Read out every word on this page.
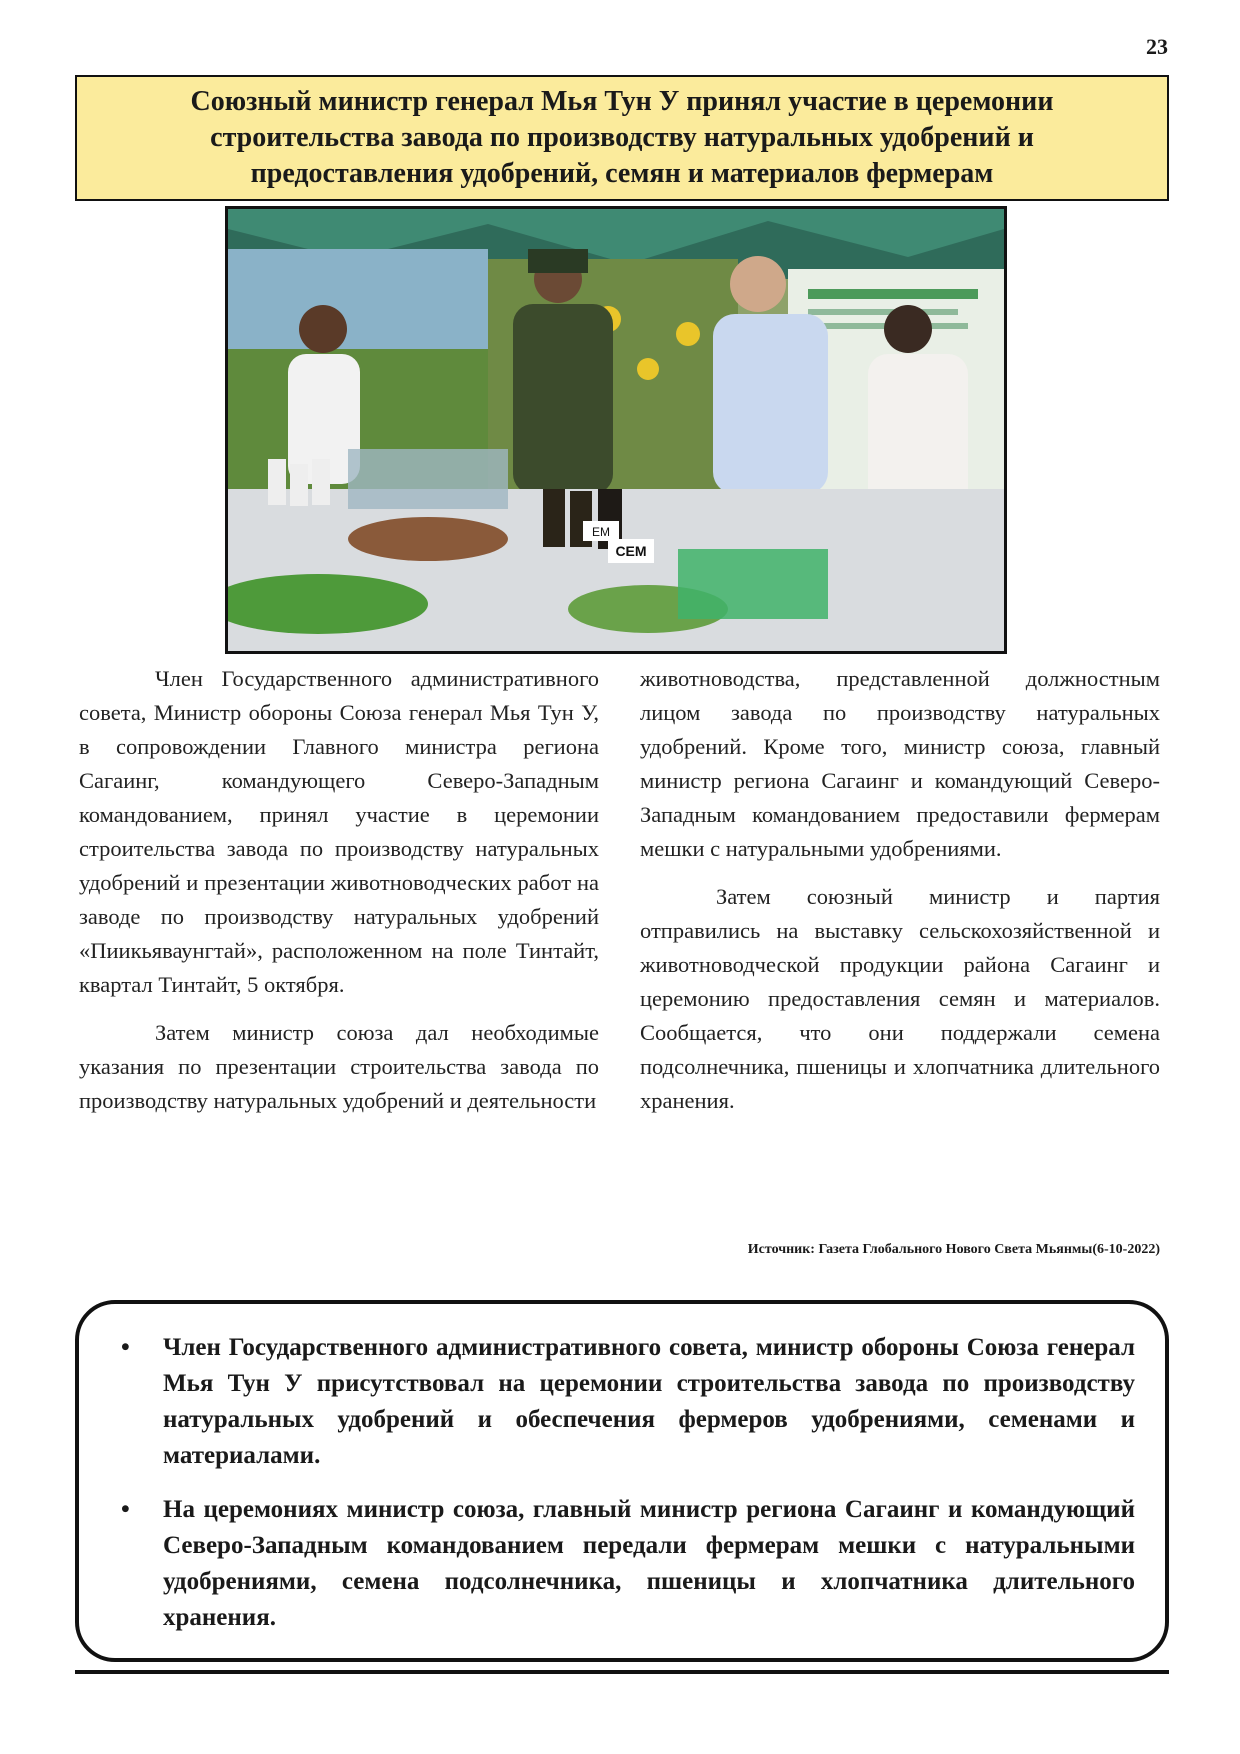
23
Союзный министр генерал Мья Тун У принял участие в церемонии строительства завода по производству натуральных удобрений и предоставления удобрений, семян и материалов фермерам
EM
CEM

Член Государственного административного совета, Министр обороны Союза генерал Мья Тун У, в сопровождении Главного министра региона Сагаинг, командующего Северо-Западным командованием, принял участие в церемонии строительства завода по производству натуральных удобрений и презентации животноводческих работ на заводе по производству натуральных удобрений «Пиикьяваунгтай», расположенном на поле Тинтайт, квартал Тинтайт, 5 октября.

Затем министр союза дал необходимые указания по презентации строительства завода по производству натуральных удобрений и деятельности

животноводства, представленной должностным лицом завода по производству натуральных удобрений. Кроме того, министр союза, главный министр региона Сагаинг и командующий Северо-Западным командованием предоставили фермерам мешки с натуральными удобрениями.

Затем союзный министр и партия отправились на выставку сельскохозяйственной и животноводческой продукции района Сагаинг и церемонию предоставления семян и материалов. Сообщается, что они поддержали семена подсолнечника, пшеницы и хлопчатника длительного хранения.

Источник: Газета Глобального Нового Света Мьянмы(6-10-2022)
• Член Государственного административного совета, министр обороны Союза генерал Мья Тун У присутствовал на церемонии строительства завода по производству натуральных удобрений и обеспечения фермеров удобрениями, семенами и материалами.
• На церемониях министр союза, главный министр региона Сагаинг и командующий Северо-Западным командованием передали фермерам мешки с натуральными удобрениями, семена подсолнечника, пшеницы и хлопчатника длительного хранения.
